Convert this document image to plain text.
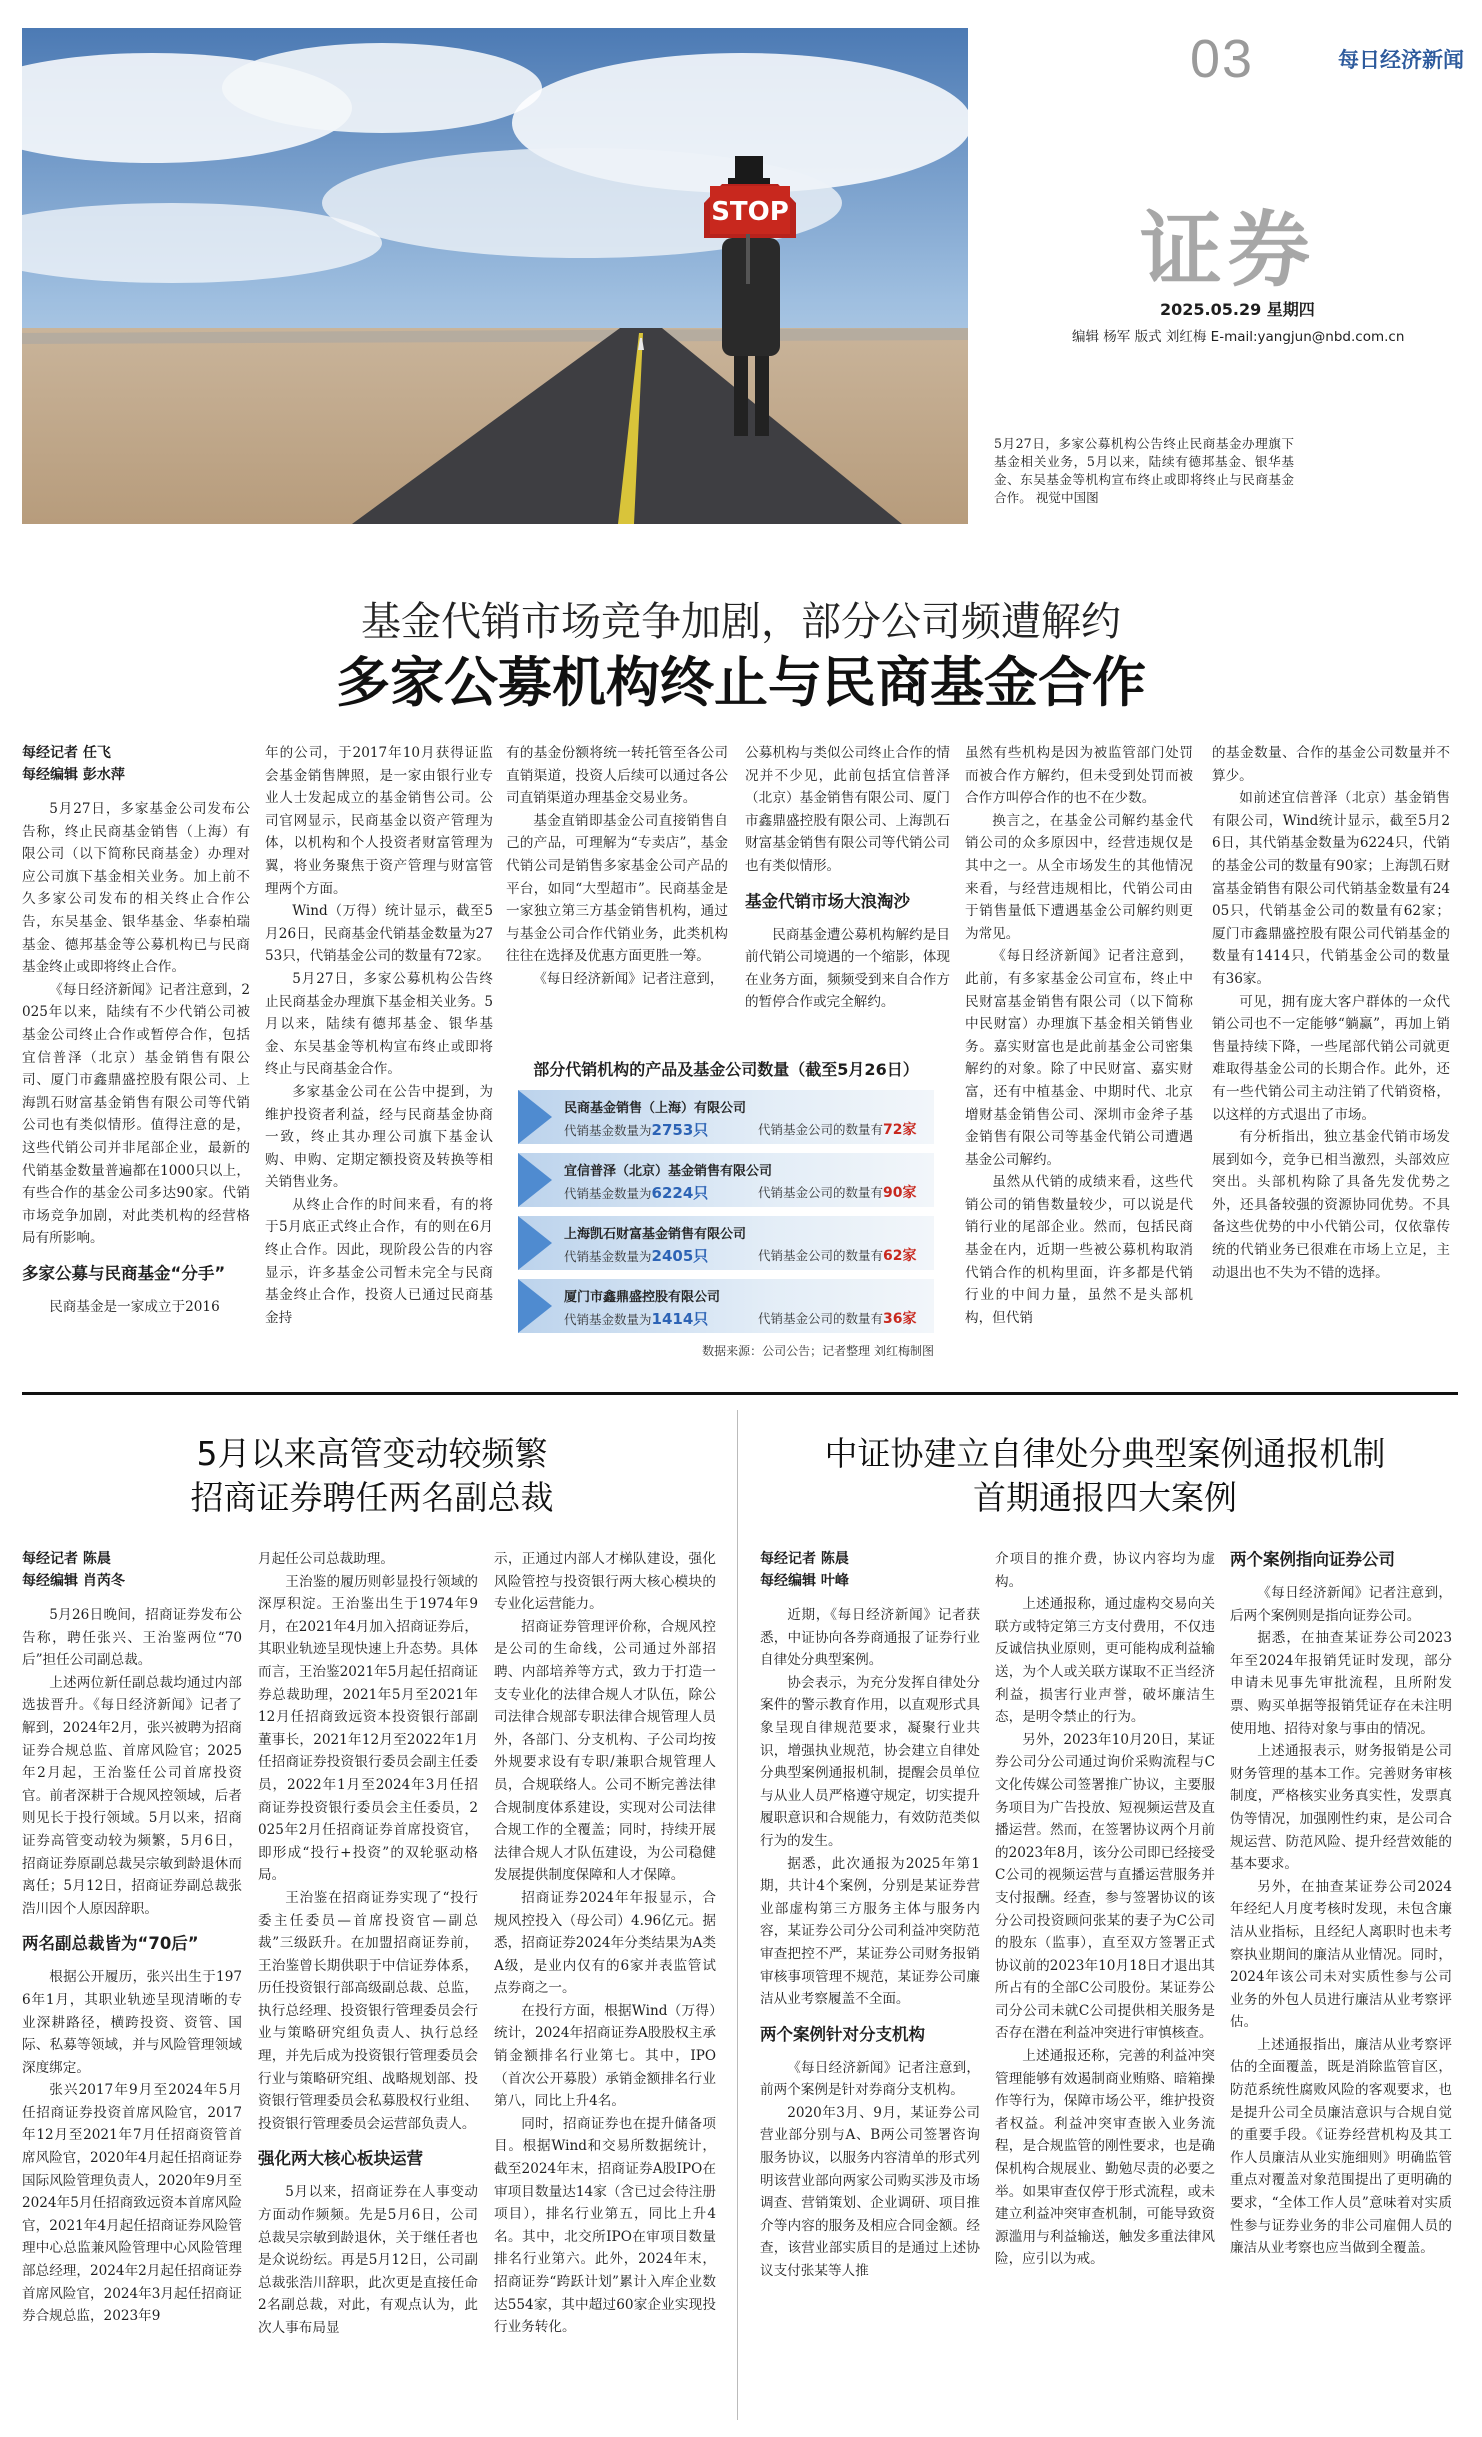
STOP
03	每日经济新闻
证券
2025.05.29 星期四
编辑 杨军 版式 刘红梅 E-mail:yangjun@nbd.com.cn
5月27日，多家公募机构公告终止民商基金办理旗下基金相关业务，5月以来，陆续有德邦基金、银华基金、东吴基金等机构宣布终止或即将终止与民商基金合作。 视觉中国图
基金代销市场竞争加剧，部分公司频遭解约
多家公募机构终止与民商基金合作
每经记者 任飞
每经编辑 彭水萍

5月27日，多家基金公司发布公告称，终止民商基金销售（上海）有限公司（以下简称民商基金）办理对应公司旗下基金相关业务。加上前不久多家公司发布的相关终止合作公告，东吴基金、银华基金、华泰柏瑞基金、德邦基金等公募机构已与民商基金终止或即将终止合作。

《每日经济新闻》记者注意到，2025年以来，陆续有不少代销公司被基金公司终止合作或暂停合作，包括宜信普泽（北京）基金销售有限公司、厦门市鑫鼎盛控股有限公司、上海凯石财富基金销售有限公司等代销公司也有类似情形。值得注意的是，这些代销公司并非尾部企业，最新的代销基金数量普遍都在1000只以上，有些合作的基金公司多达90家。代销市场竞争加剧，对此类机构的经营格局有所影响。

多家公募与民商基金“分手”

民商基金是一家成立于2016

年的公司，于2017年10月获得证监会基金销售牌照，是一家由银行业专业人士发起成立的基金销售公司。公司官网显示，民商基金以资产管理为体，以机构和个人投资者财富管理为翼，将业务聚焦于资产管理与财富管理两个方面。

Wind（万得）统计显示，截至5月26日，民商基金代销基金数量为2753只，代销基金公司的数量有72家。

5月27日，多家公募机构公告终止民商基金办理旗下基金相关业务。5月以来，陆续有德邦基金、银华基金、东吴基金等机构宣布终止或即将终止与民商基金合作。

多家基金公司在公告中提到，为维护投资者利益，经与民商基金协商一致，终止其办理公司旗下基金认购、申购、定期定额投资及转换等相关销售业务。

从终止合作的时间来看，有的将于5月底正式终止合作，有的则在6月终止合作。因此，现阶段公告的内容显示，许多基金公司暂未完全与民商基金终止合作，投资人已通过民商基金持

有的基金份额将统一转托管至各公司直销渠道，投资人后续可以通过各公司直销渠道办理基金交易业务。

基金直销即基金公司直接销售自己的产品，可理解为“专卖店”，基金代销公司是销售多家基金公司产品的平台，如同“大型超市”。民商基金是一家独立第三方基金销售机构，通过与基金公司合作代销业务，此类机构往往在选择及优惠方面更胜一筹。

《每日经济新闻》记者注意到，

公募机构与类似公司终止合作的情况并不少见，此前包括宜信普泽（北京）基金销售有限公司、厦门市鑫鼎盛控股有限公司、上海凯石财富基金销售有限公司等代销公司也有类似情形。

基金代销市场大浪淘沙

民商基金遭公募机构解约是目前代销公司境遇的一个缩影，体现在业务方面，频频受到来自合作方的暂停合作或完全解约。

部分代销机构的产品及基金公司数量（截至5月26日）
民商基金销售（上海）有限公司
代销基金数量为2753只	代销基金公司的数量有72家
宜信普泽（北京）基金销售有限公司
代销基金数量为6224只	代销基金公司的数量有90家
上海凯石财富基金销售有限公司
代销基金数量为2405只	代销基金公司的数量有62家
厦门市鑫鼎盛控股有限公司
代销基金数量为1414只	代销基金公司的数量有36家
数据来源：公司公告；记者整理 刘红梅制图

虽然有些机构是因为被监管部门处罚而被合作方解约，但未受到处罚而被合作方叫停合作的也不在少数。

换言之，在基金公司解约基金代销公司的众多原因中，经营违规仅是其中之一。从全市场发生的其他情况来看，与经营违规相比，代销公司由于销售量低下遭遇基金公司解约则更为常见。

《每日经济新闻》记者注意到，此前，有多家基金公司宣布，终止中民财富基金销售有限公司（以下简称中民财富）办理旗下基金相关销售业务。嘉实财富也是此前基金公司密集解约的对象。除了中民财富、嘉实财富，还有中植基金、中期时代、北京增财基金销售公司、深圳市金斧子基金销售有限公司等基金代销公司遭遇基金公司解约。

虽然从代销的成绩来看，这些代销公司的销售数量较少，可以说是代销行业的尾部企业。然而，包括民商基金在内，近期一些被公募机构取消代销合作的机构里面，许多都是代销行业的中间力量，虽然不是头部机构，但代销

的基金数量、合作的基金公司数量并不算少。

如前述宜信普泽（北京）基金销售有限公司，Wind统计显示，截至5月26日，其代销基金数量为6224只，代销的基金公司的数量有90家；上海凯石财富基金销售有限公司代销基金数量有2405只，代销基金公司的数量有62家；厦门市鑫鼎盛控股有限公司代销基金的数量有1414只，代销基金公司的数量有36家。

可见，拥有庞大客户群体的一众代销公司也不一定能够“躺赢”，再加上销售量持续下降，一些尾部代销公司就更难取得基金公司的长期合作。此外，还有一些代销公司主动注销了代销资格，以这样的方式退出了市场。

有分析指出，独立基金代销市场发展到如今，竞争已相当激烈，头部效应突出。头部机构除了具备先发优势之外，还具备较强的资源协同优势。不具备这些优势的中小代销公司，仅依靠传统的代销业务已很难在市场上立足，主动退出也不失为不错的选择。

5月以来高管变动较频繁
招商证券聘任两名副总裁
每经记者 陈晨
每经编辑 肖芮冬

5月26日晚间，招商证券发布公告称，聘任张兴、王治鉴两位“70后”担任公司副总裁。

上述两位新任副总裁均通过内部选拔晋升。《每日经济新闻》记者了解到，2024年2月，张兴被聘为招商证券合规总监、首席风险官；2025年2月起，王治鉴任公司首席投资官。前者深耕于合规风控领域，后者则见长于投行领域。5月以来，招商证券高管变动较为频繁，5月6日，招商证券原副总裁吴宗敏到龄退休而离任；5月12日，招商证券副总裁张浩川因个人原因辞职。

两名副总裁皆为“70后”

根据公开履历，张兴出生于1976年1月，其职业轨迹呈现清晰的专业深耕路径，横跨投资、资管、国际、私募等领域，并与风险管理领域深度绑定。

张兴2017年9月至2024年5月任招商证券投资首席风险官，2017年12月至2021年7月任招商资管首席风险官，2020年4月起任招商证券国际风险管理负责人，2020年9月至2024年5月任招商致远资本首席风险官，2021年4月起任招商证券风险管理中心总监兼风险管理中心风险管理部总经理，2024年2月起任招商证券首席风险官，2024年3月起任招商证券合规总监，2023年9

月起任公司总裁助理。

王治鉴的履历则彰显投行领域的深厚积淀。王治鉴出生于1974年9月，在2021年4月加入招商证券后，其职业轨迹呈现快速上升态势。具体而言，王治鉴2021年5月起任招商证券总裁助理，2021年5月至2021年12月任招商致远资本投资银行部副董事长，2021年12月至2022年1月任招商证券投资银行委员会副主任委员，2022年1月至2024年3月任招商证券投资银行委员会主任委员，2025年2月任招商证券首席投资官，即形成“投行+投资”的双轮驱动格局。

王治鉴在招商证券实现了“投行委主任委员—首席投资官—副总裁”三级跃升。在加盟招商证券前，王治鉴曾长期供职于中信证券体系，历任投资银行部高级副总裁、总监，执行总经理、投资银行管理委员会行业与策略研究组负责人、执行总经理，并先后成为投资银行管理委员会行业与策略研究组、战略规划部、投资银行管理委员会私募股权行业组、投资银行管理委员会运营部负责人。

强化两大核心板块运营

5月以来，招商证券在人事变动方面动作频频。先是5月6日，公司总裁吴宗敏到龄退休，关于继任者也是众说纷纭。再是5月12日，公司副总裁张浩川辞职，此次更是直接任命2名副总裁，对此，有观点认为，此次人事布局显

示，正通过内部人才梯队建设，强化风险管控与投资银行两大核心模块的专业化运营能力。

招商证券管理评价称，合规风控是公司的生命线，公司通过外部招聘、内部培养等方式，致力于打造一支专业化的法律合规人才队伍，除公司法律合规部专职法律合规管理人员外，各部门、分支机构、子公司均按外规要求设有专职/兼职合规管理人员，合规联络人。公司不断完善法律合规制度体系建设，实现对公司法律合规工作的全覆盖；同时，持续开展法律合规人才队伍建设，为公司稳健发展提供制度保障和人才保障。

招商证券2024年年报显示，合规风控投入（母公司）4.96亿元。据悉，招商证券2024年分类结果为A类A级，是业内仅有的6家并表监管试点券商之一。

在投行方面，根据Wind（万得）统计，2024年招商证券A股股权主承销金额排名行业第七。其中，IPO（首次公开募股）承销金额排名行业第八，同比上升4名。

同时，招商证券也在提升储备项目。根据Wind和交易所数据统计，截至2024年末，招商证券A股IPO在审项目数量达14家（含已过会待注册项目），排名行业第五，同比上升4名。其中，北交所IPO在审项目数量排名行业第六。此外，2024年末，招商证券“跨跃计划”累计入库企业数达554家，其中超过60家企业实现投行业务转化。

中证协建立自律处分典型案例通报机制
首期通报四大案例
每经记者 陈晨
每经编辑 叶峰

近期，《每日经济新闻》记者获悉，中证协向各券商通报了证券行业自律处分典型案例。

协会表示，为充分发挥自律处分案件的警示教育作用，以直观形式具象呈现自律规范要求，凝聚行业共识，增强执业规范，协会建立自律处分典型案例通报机制，提醒会员单位与从业人员严格遵守规定，切实提升履职意识和合规能力，有效防范类似行为的发生。

据悉，此次通报为2025年第1期，共计4个案例，分别是某证券营业部虚构第三方服务主体与服务内容，某证券公司分公司利益冲突防范审查把控不严，某证券公司财务报销审核事项管理不规范，某证券公司廉洁从业考察履盖不全面。

两个案例针对分支机构

《每日经济新闻》记者注意到，前两个案例是针对券商分支机构。

2020年3月、9月，某证券公司营业部分别与A、B两公司签署咨询服务协议，以服务内容清单的形式列明该营业部向两家公司购买涉及市场调查、营销策划、企业调研、项目推介等内容的服务及相应合同金额。经查，该营业部实质目的是通过上述协议支付张某等人推

介项目的推介费，协议内容均为虚构。

上述通报称，通过虚构交易向关联方或特定第三方支付费用，不仅违反诚信执业原则，更可能构成利益输送，为个人或关联方谋取不正当经济利益，损害行业声誉，破坏廉洁生态，是明令禁止的行为。

另外，2023年10月20日，某证券公司分公司通过询价采购流程与C文化传媒公司签署推广协议，主要服务项目为广告投放、短视频运营及直播运营。然而，在签署协议两个月前的2023年8月，该分公司即已经接受C公司的视频运营与直播运营服务并支付报酬。经查，参与签署协议的该分公司投资顾问张某的妻子为C公司的股东（监事），直至双方签署正式协议前的2023年10月18日才退出其所占有的全部C公司股份。某证券公司分公司未就C公司提供相关服务是否存在潜在利益冲突进行审慎核查。

上述通报还称，完善的利益冲突管理能够有效遏制商业贿赂、暗箱操作等行为，保障市场公平，维护投资者权益。利益冲突审查嵌入业务流程，是合规监管的刚性要求，也是确保机构合规展业、勤勉尽责的必要之举。如果审查仅停于形式流程，或未建立利益冲突审查机制，可能导致资源滥用与利益输送，触发多重法律风险，应引以为戒。

两个案例指向证券公司

《每日经济新闻》记者注意到，后两个案例则是指向证券公司。

据悉，在抽查某证券公司2023年至2024年报销凭证时发现，部分申请未见事先审批流程，且所附发票、购买单据等报销凭证存在未注明使用地、招待对象与事由的情况。

上述通报表示，财务报销是公司财务管理的基本工作。完善财务审核制度，严格核实业务真实性，发票真伪等情况，加强刚性约束，是公司合规运营、防范风险、提升经营效能的基本要求。

另外，在抽查某证券公司2024年经纪人月度考核时发现，未包含廉洁从业指标，且经纪人离职时也未考察执业期间的廉洁从业情况。同时，2024年该公司未对实质性参与公司业务的外包人员进行廉洁从业考察评估。

上述通报指出，廉洁从业考察评估的全面覆盖，既是消除监管盲区，防范系统性腐败风险的客观要求，也是提升公司全员廉洁意识与合规自觉的重要手段。《证券经营机构及其工作人员廉洁从业实施细则》明确监管重点对覆盖对象范围提出了更明确的要求，“全体工作人员”意味着对实质性参与证券业务的非公司雇佣人员的廉洁从业考察也应当做到全覆盖。
